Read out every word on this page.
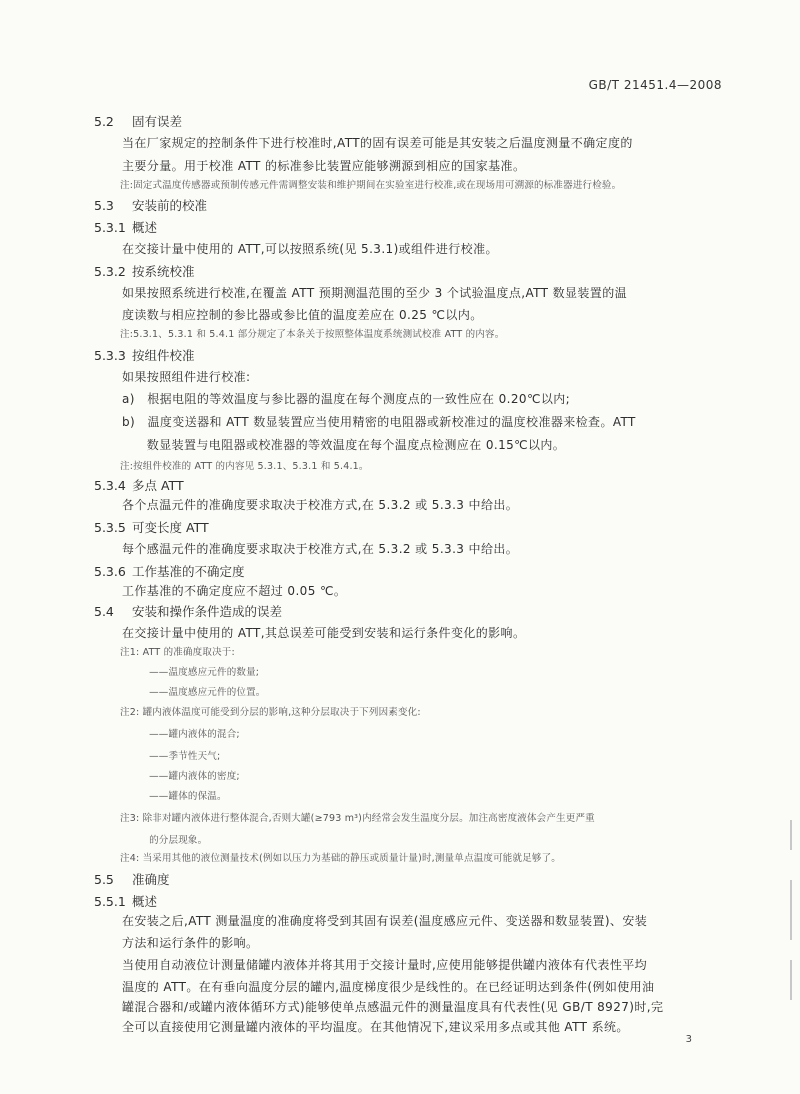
GB/T 21451.4—2008
5.2 固有误差
当在厂家规定的控制条件下进行校准时,ATT的固有误差可能是其安装之后温度测量不确定度的
主要分量。用于校准 ATT 的标准参比装置应能够溯源到相应的国家基准。
注:固定式温度传感器或预制传感元件需调整安装和维护期间在实验室进行校准,或在现场用可溯源的标准器进行检验。
5.3 安装前的校准
5.3.1 概述
在交接计量中使用的 ATT,可以按照系统(见 5.3.1)或组件进行校准。
5.3.2 按系统校准
如果按照系统进行校准,在覆盖 ATT 预期测温范围的至少 3 个试验温度点,ATT 数显装置的温
度读数与相应控制的参比器或参比值的温度差应在 0.25 ℃以内。
注:5.3.1、5.3.1 和 5.4.1 部分规定了本条关于按照整体温度系统测试校准 ATT 的内容。
5.3.3 按组件校准
如果按照组件进行校准:
a)　根据电阻的等效温度与参比器的温度在每个测度点的一致性应在 0.20℃以内;
b)　温度变送器和 ATT 数显装置应当使用精密的电阻器或新校准过的温度校准器来检查。ATT
　　数显装置与电阻器或校准器的等效温度在每个温度点检测应在 0.15℃以内。
注:按组件校准的 ATT 的内容见 5.3.1、5.3.1 和 5.4.1。
5.3.4 多点 ATT
各个点温元件的准确度要求取决于校准方式,在 5.3.2 或 5.3.3 中给出。
5.3.5 可变长度 ATT
每个感温元件的准确度要求取决于校准方式,在 5.3.2 或 5.3.3 中给出。
5.3.6 工作基准的不确定度
工作基准的不确定度应不超过 0.05 ℃。
5.4 安装和操作条件造成的误差
在交接计量中使用的 ATT,其总误差可能受到安装和运行条件变化的影响。
注1: ATT 的准确度取决于:
　　　——温度感应元件的数量;
　　　——温度感应元件的位置。
注2: 罐内液体温度可能受到分层的影响,这种分层取决于下列因素变化:
　　　——罐内液体的混合;
　　　——季节性天气;
　　　——罐内液体的密度;
　　　——罐体的保温。
注3: 除非对罐内液体进行整体混合,否则大罐(≥793 m³)内经常会发生温度分层。加注高密度液体会产生更严重
　　　的分层现象。
注4: 当采用其他的液位测量技术(例如以压力为基础的静压或质量计量)时,测量单点温度可能就足够了。
5.5 准确度
5.5.1 概述
在安装之后,ATT 测量温度的准确度将受到其固有误差(温度感应元件、变送器和数显装置)、安装
方法和运行条件的影响。
当使用自动液位计测量储罐内液体并将其用于交接计量时,应使用能够提供罐内液体有代表性平均
温度的 ATT。在有垂向温度分层的罐内,温度梯度很少是线性的。在已经证明达到条件(例如使用油
罐混合器和/或罐内液体循环方式)能够使单点感温元件的测量温度具有代表性(见 GB/T 8927)时,完
全可以直接使用它测量罐内液体的平均温度。在其他情况下,建议采用多点或其他 ATT 系统。
3
